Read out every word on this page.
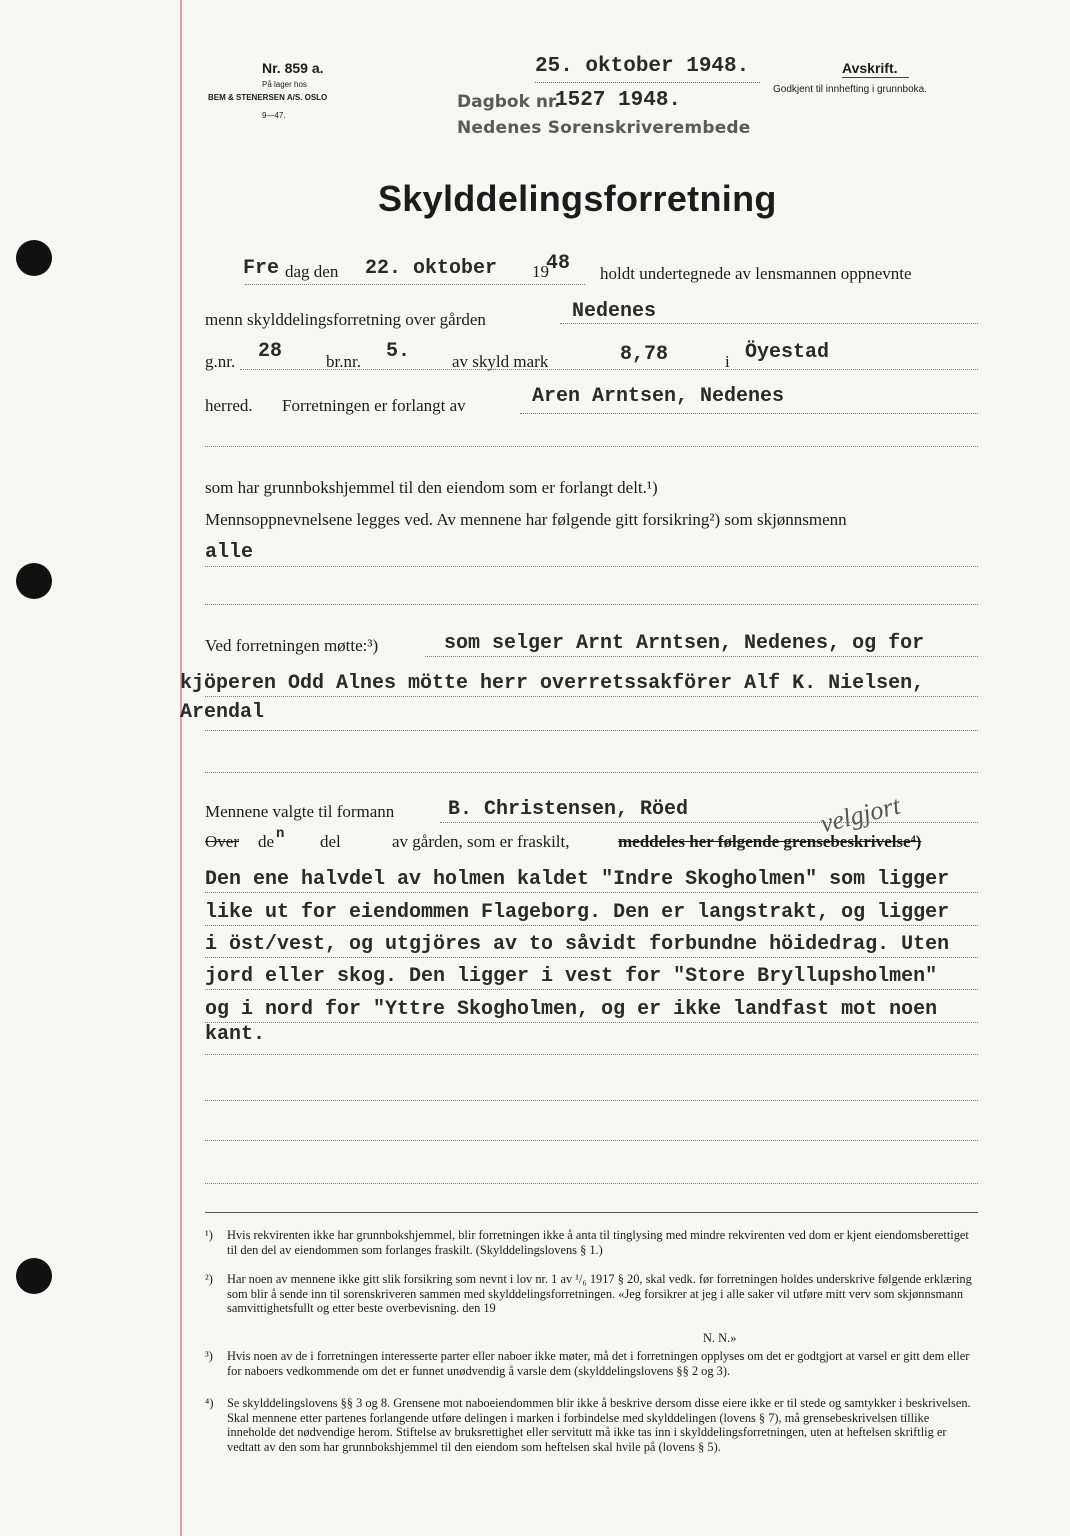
Nr. 859 a.
På lager hos
BEM & STENERSEN A/S. OSLO
9—47.
25. oktober 1948.	Avskrift.
Godkjent til innhefting i grunnboka.
Dagbok nr.
1527 1948.
Nedenes Sorenskriverembede
Skylddelingsforretning
Fre dag den 22. oktober 19
48 holdt undertegnede av lensmannen oppnevnte
menn skylddelingsforretning over gården	Nedenes
g.nr. 28	br.nr. 5. av skyld mark	8,78	i Öyestad
herred. Forretningen er forlangt av	Aren Arntsen, Nedenes
som har grunnbokshjemmel til den eiendom som er forlangt delt.¹)
Mennsoppnevnelsene legges ved. Av mennene har følgende gitt forsikring²) som skjønnsmenn
alle
Ved forretningen møtte:³)	som selger Arnt Arntsen, Nedenes, og for
kjöperen Odd Alnes mötte herr overretssakförer Alf K. Nielsen,
Arendal
Mennene valgte til formann	B. Christensen, Röed	velgjort
Over de n del	av gården, som er fraskilt,	meddeles her følgende grensebeskrivelse⁴)
Den ene halvdel av holmen kaldet "Indre Skogholmen" som ligger
like ut for eiendommen Flageborg. Den er langstrakt, og ligger
i öst/vest, og utgjöres av to såvidt forbundne höidedrag. Uten
jord eller skog. Den ligger i vest for "Store Bryllupsholmen"
og i nord for "Yttre Skogholmen, og er ikke landfast mot noen
kant.
¹) Hvis rekvirenten ikke har grunnbokshjemmel, blir forretningen ikke å anta til tinglysing med mindre rekvirenten ved dom er kjent eiendomsberettiget til den del av eiendommen som forlanges fraskilt. (Skylddelingslovens § 1.)
²) Har noen av mennene ikke gitt slik forsikring som nevnt i lov nr. 1 av ¹/₆ 1917 § 20, skal vedk. før forretningen holdes underskrive følgende erklæring som blir å sende inn til sorenskriveren sammen med skylddelingsforretningen. «Jeg forsikrer at jeg i alle saker vil utføre mitt verv som skjønnsmann samvittighetsfullt og etter beste overbevisning. den 19
N. N.»
³) Hvis noen av de i forretningen interesserte parter eller naboer ikke møter, må det i forretningen opplyses om det er godtgjort at varsel er gitt dem eller for naboers vedkommende om det er funnet unødvendig å varsle dem (skylddelingslovens §§ 2 og 3).
⁴) Se skylddelingslovens §§ 3 og 8. Grensene mot naboeiendommen blir ikke å beskrive dersom disse eiere ikke er til stede og samtykker i beskrivelsen. Skal mennene etter partenes forlangende utføre delingen i marken i forbindelse med skylddelingen (lovens § 7), må grensebeskrivelsen tillike inneholde det nødvendige herom. Stiftelse av bruksrettighet eller servitutt må ikke tas inn i skylddelingsforretningen, uten at heftelsen skriftlig er vedtatt av den som har grunnbokshjemmel til den eiendom som heftelsen skal hvile på (lovens § 5).
